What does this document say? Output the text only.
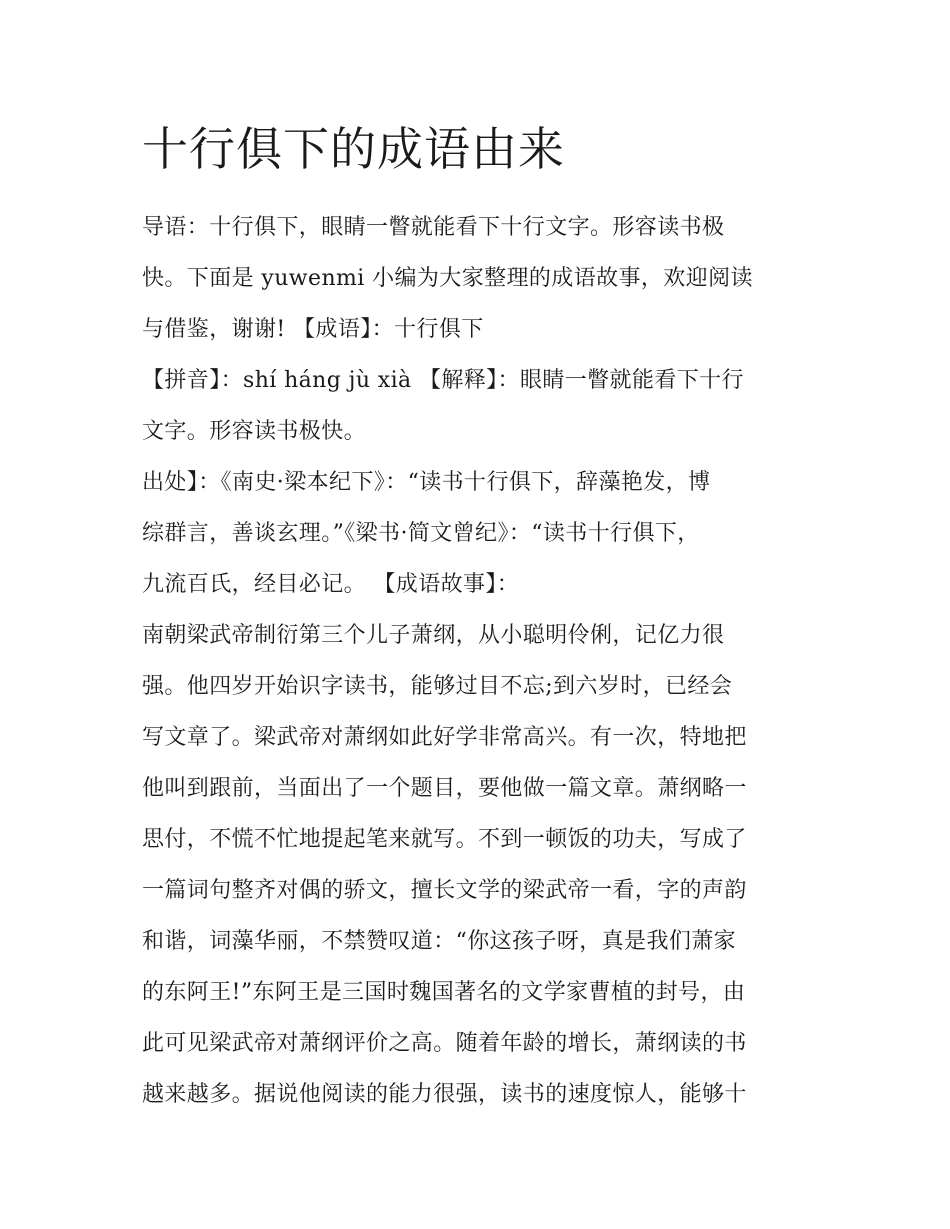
十行俱下的成语由来
导语：十行俱下，眼睛一瞥就能看下十行文字。形容读书极
快。下面是 yuwenmi 小编为大家整理的成语故事，欢迎阅读
与借鉴，谢谢! 【成语】：十行俱下
【拼音】：shí háng jù xià 【解释】：眼睛一瞥就能看下十行
文字。形容读书极快。
出处】：《南史·梁本纪下》：“读书十行俱下，辞藻艳发，博
综群言，善谈玄理。”《梁书·简文曾纪》：“读书十行俱下，
九流百氏，经目必记。 【成语故事】：
南朝梁武帝制衍第三个儿子萧纲，从小聪明伶俐，记亿力很
强。他四岁开始识字读书，能够过目不忘;到六岁时，已经会
写文章了。梁武帝对萧纲如此好学非常高兴。有一次，特地把
他叫到跟前，当面出了一个题目，要他做一篇文章。萧纲略一
思付，不慌不忙地提起笔来就写。不到一顿饭的功夫，写成了
一篇词句整齐对偶的骄文，擅长文学的梁武帝一看，字的声韵
和谐，词藻华丽，不禁赞叹道：“你这孩子呀，真是我们萧家
的东阿王!”东阿王是三国时魏国著名的文学家曹植的封号，由
此可见梁武帝对萧纲评价之高。随着年龄的增长，萧纲读的书
越来越多。据说他阅读的能力很强，读书的速度惊人，能够十
